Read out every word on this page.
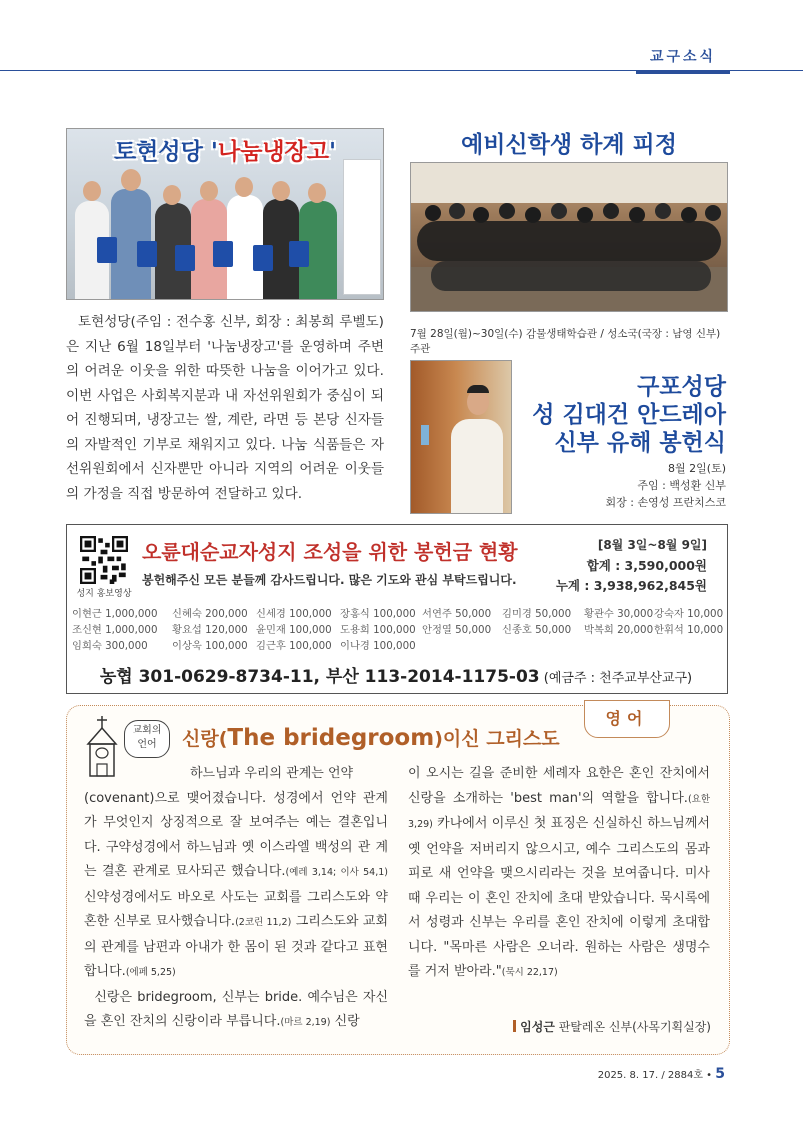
교구소식
토현성당 '나눔냉장고'

토현성당(주임 : 전수홍 신부, 회장 : 최봉희 루벨도)은 지난 6월 18일부터 '나눔냉장고'를 운영하며 주변의 어려운 이웃을 위한 따뜻한 나눔을 이어가고 있다. 이번 사업은 사회복지분과 내 자선위원회가 중심이 되어 진행되며, 냉장고는 쌀, 계란, 라면 등 본당 신자들의 자발적인 기부로 채워지고 있다. 나눔 식품들은 자선위원회에서 신자뿐만 아니라 지역의 어려운 이웃들의 가정을 직접 방문하여 전달하고 있다.

예비신학생 하계 피정
7월 28일(월)~30일(수) 감물생태학습관 / 성소국(국장 : 남영 신부) 주관
구포성당
성 김대건 안드레아
신부 유해 봉헌식
8월 2일(토)
주임 : 백성환 신부
회장 : 손영성 프란치스코
성지 홍보영상
오륜대순교자성지 조성을 위한 봉헌금 현황
봉헌해주신 모든 분들께 감사드립니다. 많은 기도와 관심 부탁드립니다.
[8월 3일~8월 9일]
합계 : 3,590,000원
누계 : 3,938,962,845원
이현근 1,000,000	신혜숙 200,000 신세경 100,000 장홍식 100,000 서연주 50,000	김미경 50,000	황관수 30,000 강숙자 10,000
조신현 1,000,000	황요섭 120,000 윤민재 100,000 도용희 100,000 안정열 50,000	신종호 50,000	박복희 20,000 한휘석 10,000
임희숙 300,000	이상욱 100,000 김근후 100,000 이나경 100,000
농협 301-0629-8734-11, 부산 113-2014-1175-03 (예금주 : 천주교부산교구)
영어
교회의
언어	신랑(The bridegroom)이신 그리스도

하느님과 우리의 관계는 언약
(covenant)으로 맺어졌습니다. 성경에서 언약 관계 가 무엇인지 상징적으로 잘 보여주는 예는 결혼입니 다. 구약성경에서 하느님과 옛 이스라엘 백성의 관 계는 결혼 관계로 묘사되곤 했습니다.(예레 3,14; 이사 54,1) 신약성경에서도 바오로 사도는 교회를 그리스도와 약혼한 신부로 묘사했습니다.(2코린 11,2) 그리스도와 교회의 관계를 남편과 아내가 한 몸이 된 것과 같다고 표현합니다.(에페 5,25)
신랑은 bridegroom, 신부는 bride. 예수님은 자신을 혼인 잔치의 신랑이라 부릅니다.(마르 2,19) 신랑

이 오시는 길을 준비한 세례자 요한은 혼인 잔치에서 신랑을 소개하는 'best man'의 역할을 합니다.(요한 3,29) 카나에서 이루신 첫 표징은 신실하신 하느님께서 옛 언약을 저버리지 않으시고, 예수 그리스도의 몸과 피로 새 언약을 맺으시리라는 것을 보여줍니다. 미사 때 우리는 이 혼인 잔치에 초대 받았습니다. 묵시록에서 성령과 신부는 우리를 혼인 잔치에 이렇게 초대합니다. "목마른 사람은 오너라. 원하는 사람은 생명수를 거저 받아라."(묵시 22,17)

임성근 판탈레온 신부(사목기획실장)
2025. 8. 17. / 2884호 • 5
